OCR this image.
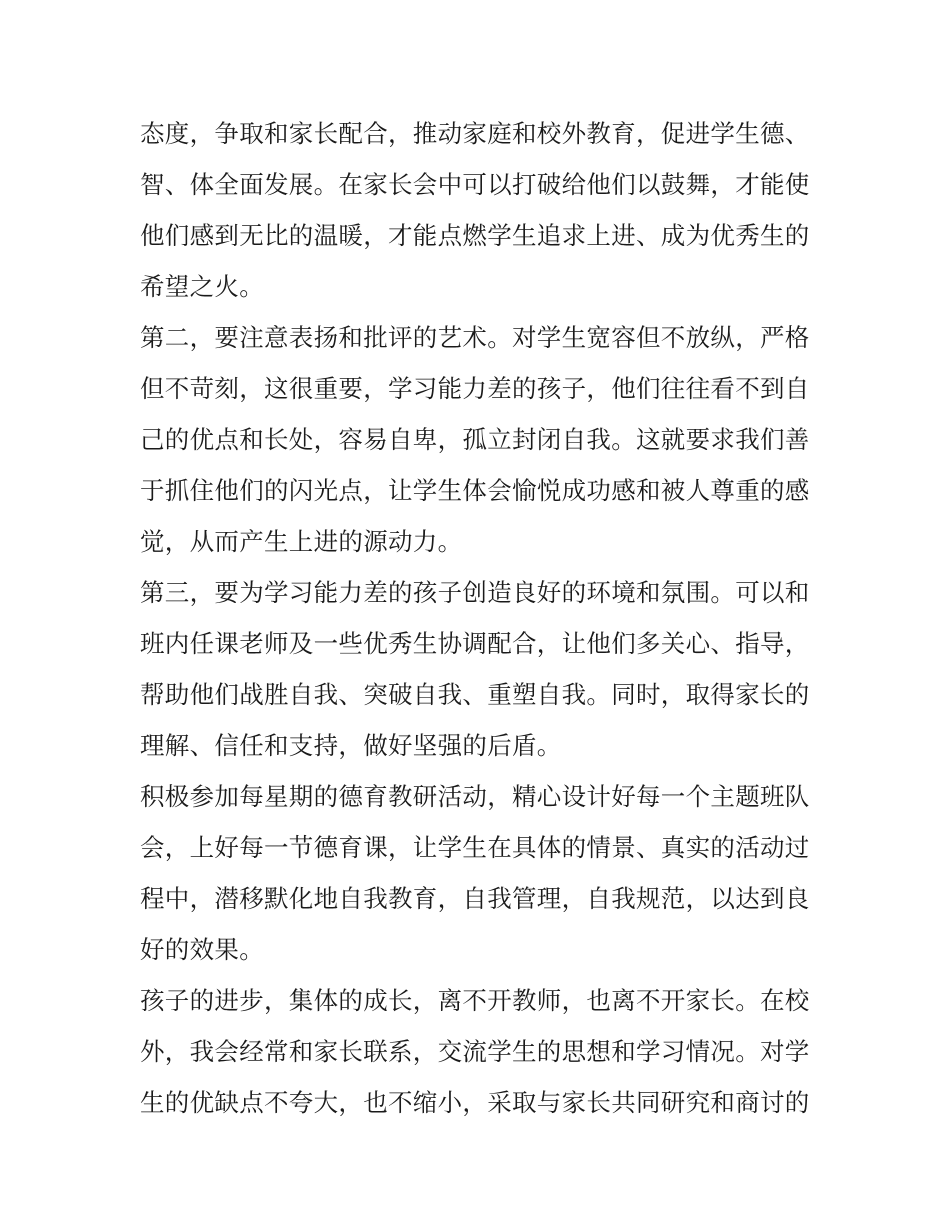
态度，争取和家长配合，推动家庭和校外教育，促进学生德、
智、体全面发展。在家长会中可以打破给他们以鼓舞，才能使
他们感到无比的温暖，才能点燃学生追求上进、成为优秀生的
希望之火。
第二，要注意表扬和批评的艺术。对学生宽容但不放纵，严格
但不苛刻，这很重要，学习能力差的孩子，他们往往看不到自
己的优点和长处，容易自卑，孤立封闭自我。这就要求我们善
于抓住他们的闪光点，让学生体会愉悦成功感和被人尊重的感
觉，从而产生上进的源动力。
第三，要为学习能力差的孩子创造良好的环境和氛围。可以和
班内任课老师及一些优秀生协调配合，让他们多关心、指导，
帮助他们战胜自我、突破自我、重塑自我。同时，取得家长的
理解、信任和支持，做好坚强的后盾。
积极参加每星期的德育教研活动，精心设计好每一个主题班队
会，上好每一节德育课，让学生在具体的情景、真实的活动过
程中，潜移默化地自我教育，自我管理，自我规范，以达到良
好的效果。
孩子的进步，集体的成长，离不开教师，也离不开家长。在校
外，我会经常和家长联系，交流学生的思想和学习情况。对学
生的优缺点不夸大，也不缩小，采取与家长共同研究和商讨的
